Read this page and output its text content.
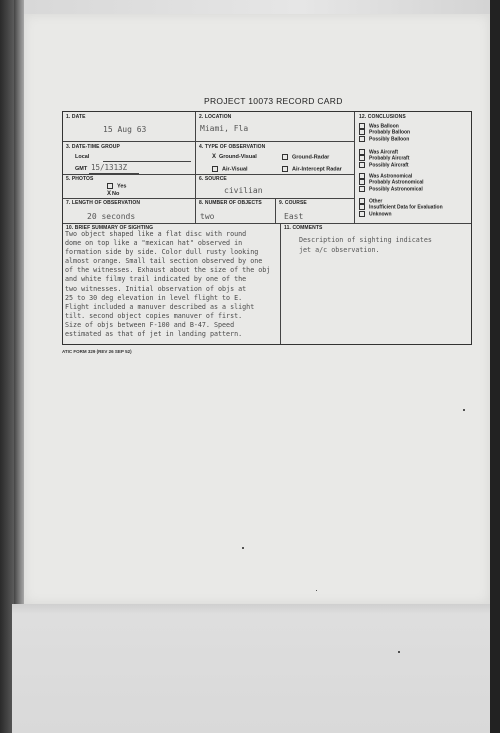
PROJECT 10073 RECORD CARD
1. DATE
15 Aug 63
2. LOCATION
Miami, Fla
3. DATE-TIME GROUP
Local
GMT 15/1313Z
4. TYPE OF OBSERVATION
X Ground-Visual	Ground-Radar
Air-Visual	Air-Intercept Radar
5. PHOTOS
Yes
XNo
6. SOURCE
civilian
7. LENGTH OF OBSERVATION
20 seconds
8. NUMBER OF OBJECTS
two
9. COURSE
East
12. CONCLUSIONS
Was Balloon
Probably Balloon
Possibly Balloon
Was Aircraft
Probably Aircraft
Possibly Aircraft
Was Astronomical
Probably Astronomical
Possibly Astronomical
Other
Insufficient Data for Evaluation
Unknown
10. BRIEF SUMMARY OF SIGHTING	11. COMMENTS
Two object shaped like a flat disc with round
dome on top like a "mexican hat" observed in
formation side by side. Color dull rusty looking
almost orange. Small tail section observed by one
of the witnesses. Exhaust about the size of the obj
and white filmy trail indicated by one of the
two witnesses. Initial observation of objs at
25 to 30 deg elevation in level flight to E.
Flight included a manuver described as a slight
tilt. second object copies manuver of first.
Size of objs between F-100 and B-47. Speed
estimated as that of jet in landing pattern.
Description of sighting indicates
jet a/c observation.
ATIC FORM 329 (REV 26 SEP 52)
